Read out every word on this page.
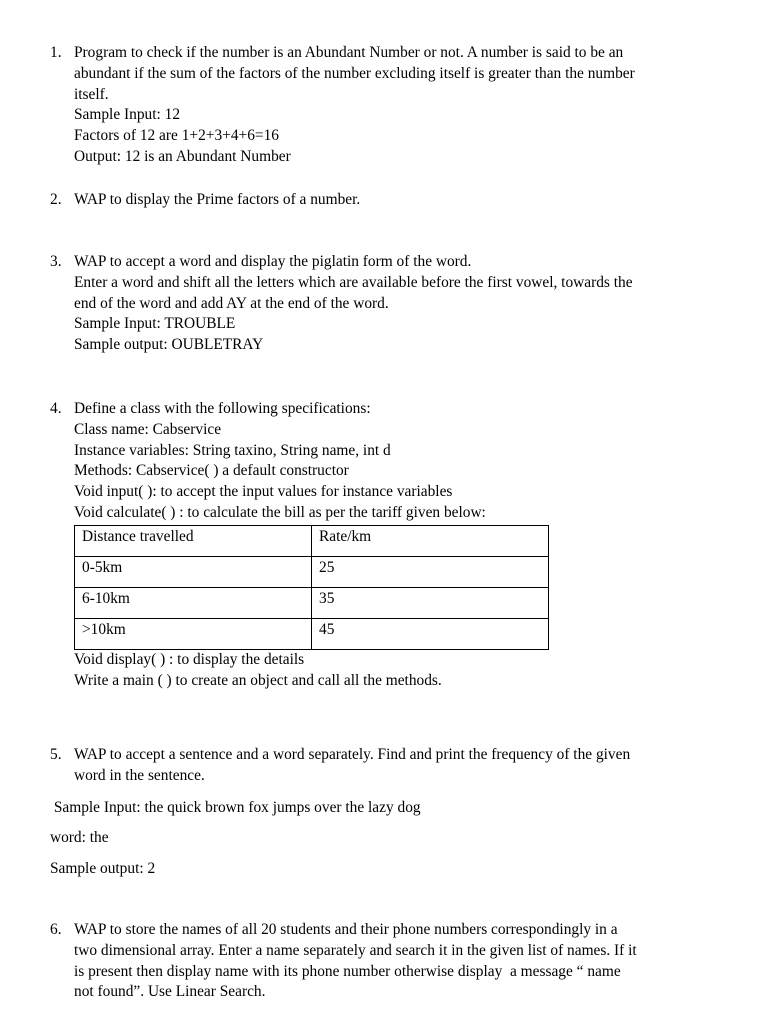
1. Program to check if the number is an Abundant Number or not. A number is said to be an
abundant if the sum of the factors of the number excluding itself is greater than the number
itself.
Sample Input: 12
Factors of 12 are 1+2+3+4+6=16
Output: 12 is an Abundant Number
2. WAP to display the Prime factors of a number.
3. WAP to accept a word and display the piglatin form of the word.
Enter a word and shift all the letters which are available before the first vowel, towards the
end of the word and add AY at the end of the word.
Sample Input: TROUBLE
Sample output: OUBLETRAY
4. Define a class with the following specifications:
Class name: Cabservice
Instance variables: String taxino, String name, int d
Methods: Cabservice( ) a default constructor
Void input( ): to accept the input values for instance variables
Void calculate( ) : to calculate the bill as per the tariff given below:
Distance travelled	Rate/km
0-5km	25
6-10km	35
>10km	45
Void display( ) : to display the details
Write a main ( ) to create an object and call all the methods.
5. WAP to accept a sentence and a word separately. Find and print the frequency of the given
word in the sentence.
Sample Input: the quick brown fox jumps over the lazy dog
word: the
Sample output: 2
6. WAP to store the names of all 20 students and their phone numbers correspondingly in a
two dimensional array. Enter a name separately and search it in the given list of names. If it
is present then display name with its phone number otherwise display  a message “ name
not found”. Use Linear Search.
